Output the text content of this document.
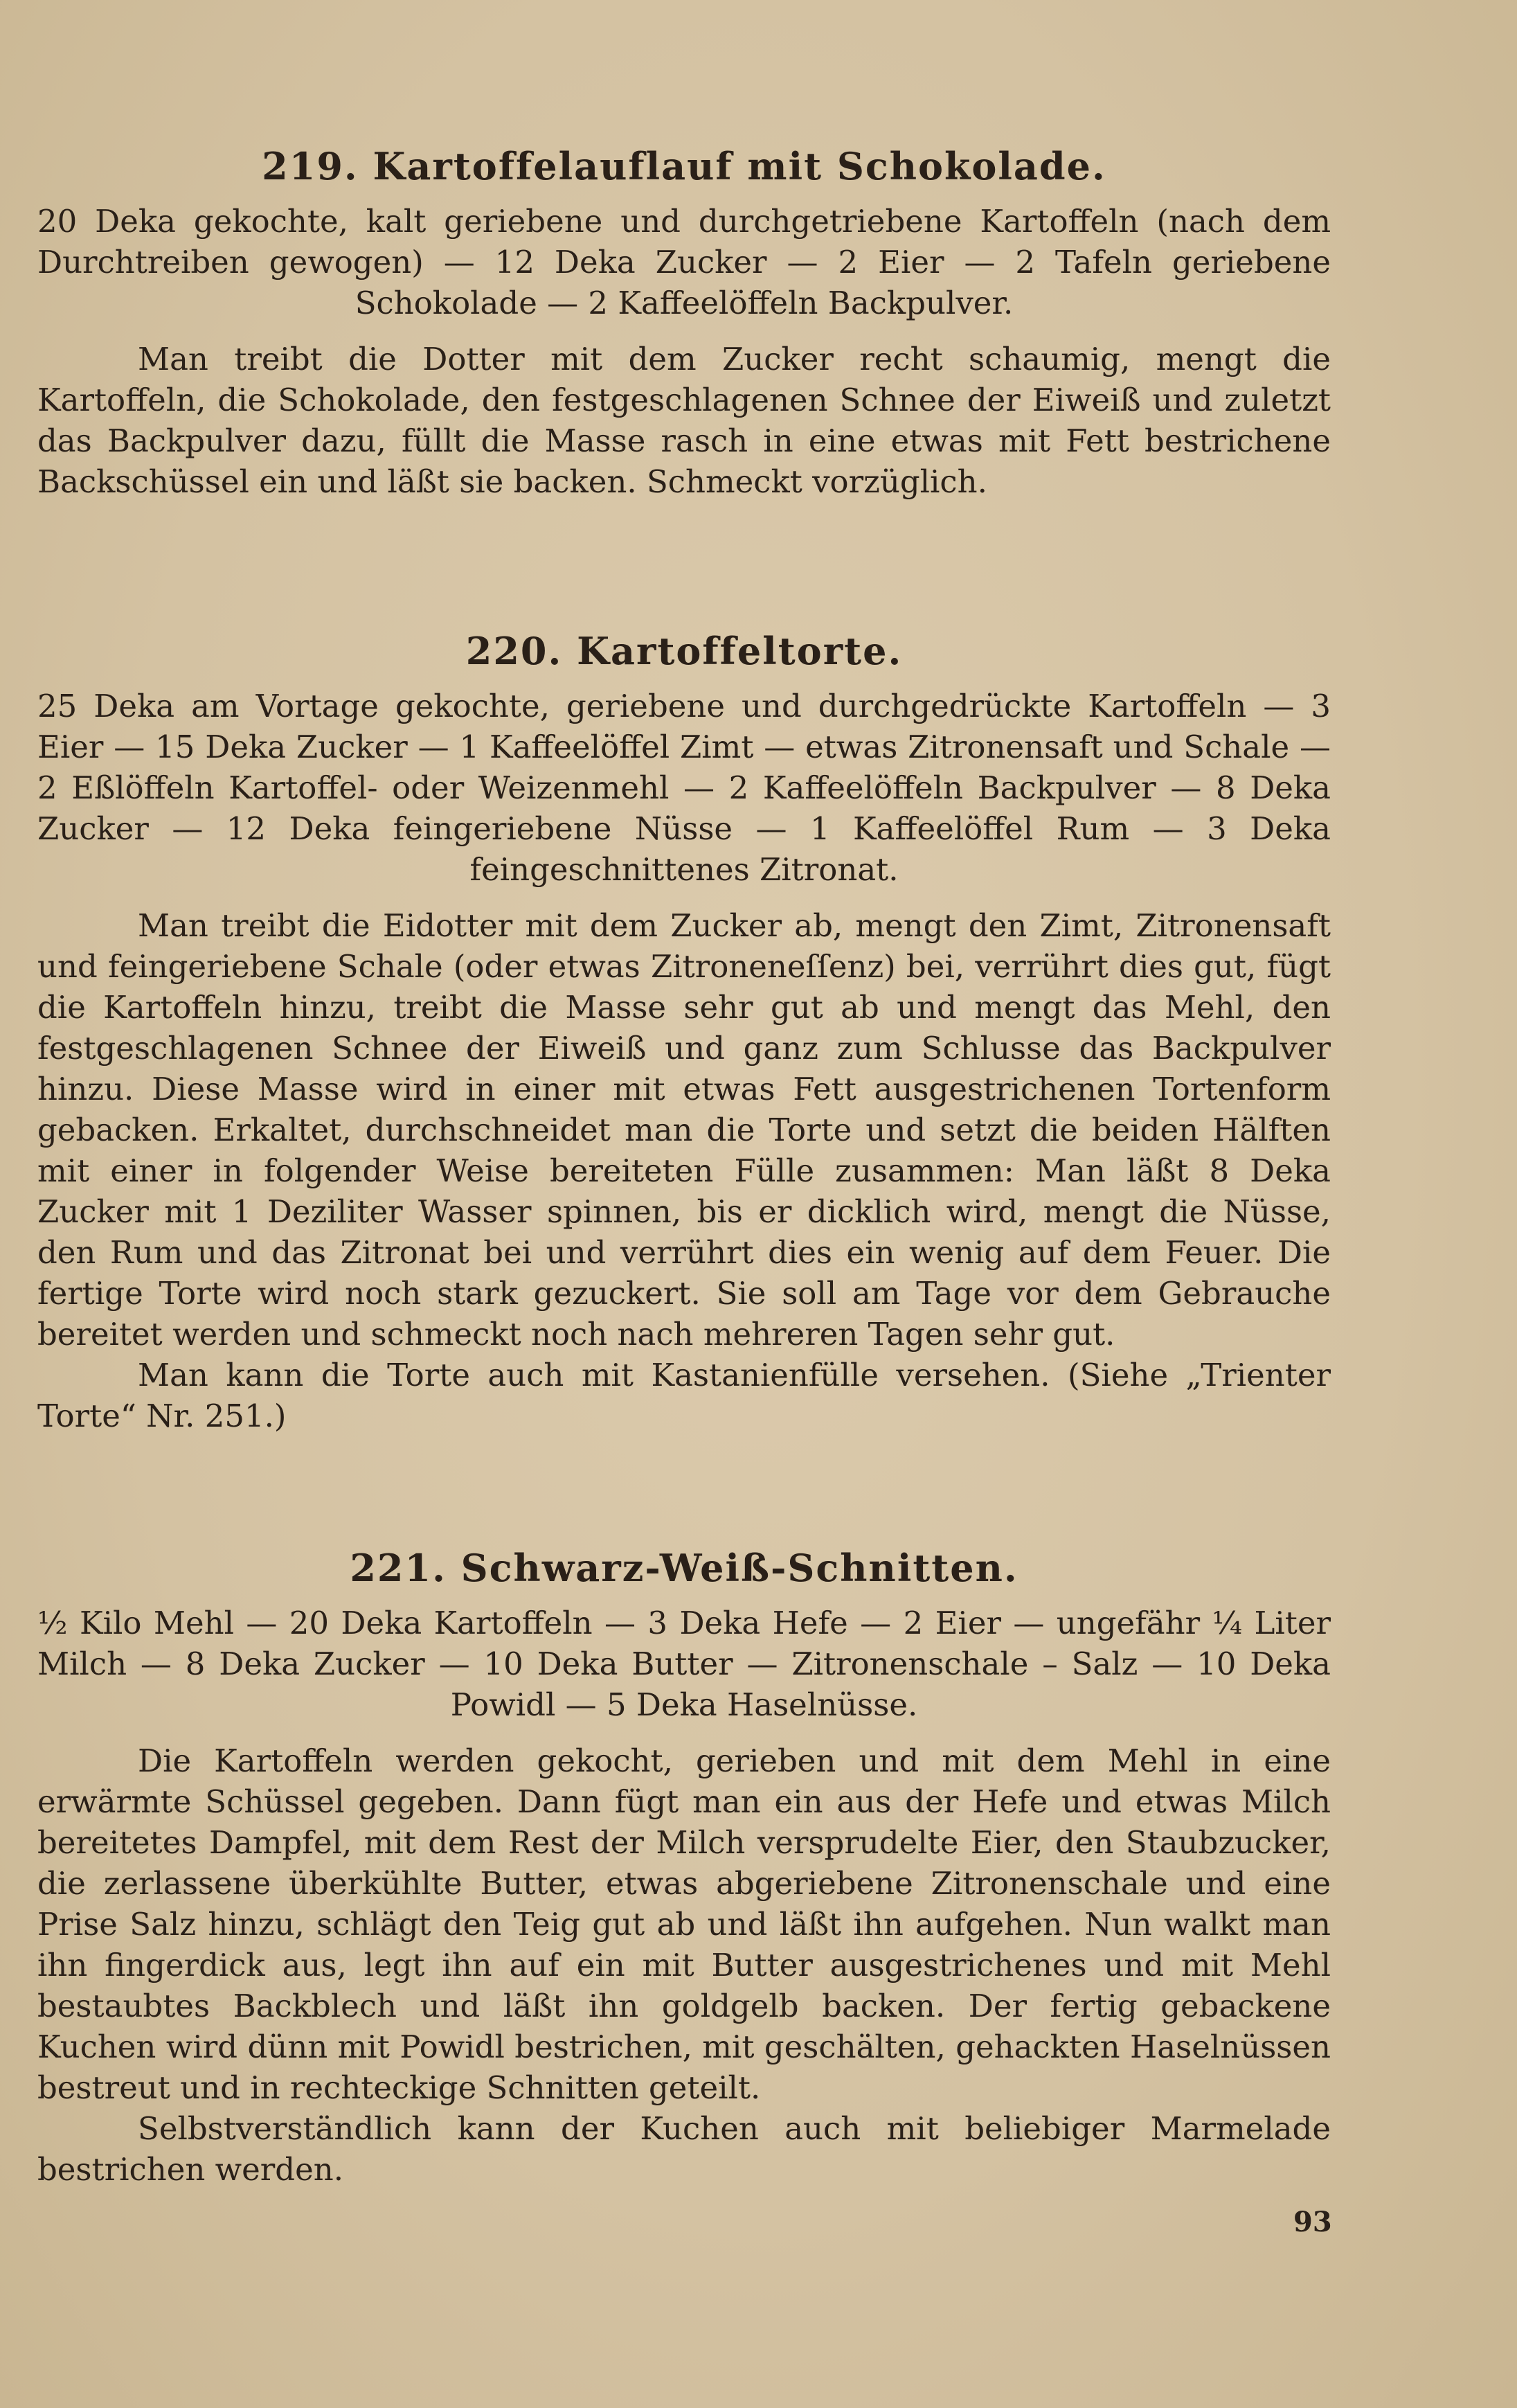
219. Kartoffelauflauf mit Schokolade.
20 Deka gekochte, kalt geriebene und durchgetriebene Kartoffeln (nach dem Durchtreiben gewogen) — 12 Deka Zucker — 2 Eier — 2 Tafeln geriebene Schokolade — 2 Kaffeelöffeln Backpulver.

Man treibt die Dotter mit dem Zucker recht schaumig, mengt die Kartoffeln, die Schokolade, den festgeschlagenen Schnee der Eiweiß und zuletzt das Backpulver dazu, füllt die Masse rasch in eine etwas mit Fett bestrichene Backschüssel ein und läßt sie backen. Schmeckt vorzüglich.

220. Kartoffeltorte.
25 Deka am Vortage gekochte, geriebene und durchgedrückte Kartoffeln — 3 Eier — 15 Deka Zucker — 1 Kaffeelöffel Zimt — etwas Zitronensaft und Schale — 2 Eßlöffeln Kartoffel- oder Weizenmehl — 2 Kaffeelöffeln Backpulver — 8 Deka Zucker — 12 Deka feingeriebene Nüsse — 1 Kaffeelöffel Rum — 3 Deka feingeschnittenes Zitronat.

Man treibt die Eidotter mit dem Zucker ab, mengt den Zimt, Zitronensaft und feingeriebene Schale (oder etwas Zitroneneſſenz) bei, verrührt dies gut, fügt die Kartoffeln hinzu, treibt die Masse sehr gut ab und mengt das Mehl, den festgeschlagenen Schnee der Eiweiß und ganz zum Schlusse das Backpulver hinzu. Diese Masse wird in einer mit etwas Fett ausgestrichenen Tortenform gebacken. Erkaltet, durchschneidet man die Torte und setzt die beiden Hälften mit einer in folgender Weise bereiteten Fülle zusammen: Man läßt 8 Deka Zucker mit 1 Deziliter Wasser spinnen, bis er dicklich wird, mengt die Nüsse, den Rum und das Zitronat bei und verrührt dies ein wenig auf dem Feuer. Die fertige Torte wird noch stark gezuckert. Sie soll am Tage vor dem Gebrauche bereitet werden und schmeckt noch nach mehreren Tagen sehr gut.

Man kann die Torte auch mit Kastanienfülle versehen. (Siehe „Trienter Torte“ Nr. 251.)

221. Schwarz-Weiß-Schnitten.
½ Kilo Mehl — 20 Deka Kartoffeln — 3 Deka Hefe — 2 Eier — ungefähr ¼ Liter Milch — 8 Deka Zucker — 10 Deka Butter — Zitronenschale – Salz — 10 Deka Powidl — 5 Deka Haselnüsse.

Die Kartoffeln werden gekocht, gerieben und mit dem Mehl in eine erwärmte Schüssel gegeben. Dann fügt man ein aus der Hefe und etwas Milch bereitetes Dampfel, mit dem Rest der Milch versprudelte Eier, den Staubzucker, die zerlassene überkühlte Butter, etwas abgeriebene Zitronenschale und eine Prise Salz hinzu, schlägt den Teig gut ab und läßt ihn aufgehen. Nun walkt man ihn fingerdick aus, legt ihn auf ein mit Butter ausgestrichenes und mit Mehl bestaubtes Backblech und läßt ihn goldgelb backen. Der fertig gebackene Kuchen wird dünn mit Powidl bestrichen, mit geschälten, gehackten Haselnüssen bestreut und in rechteckige Schnitten geteilt.

Selbstverständlich kann der Kuchen auch mit beliebiger Marmelade bestrichen werden.

93
